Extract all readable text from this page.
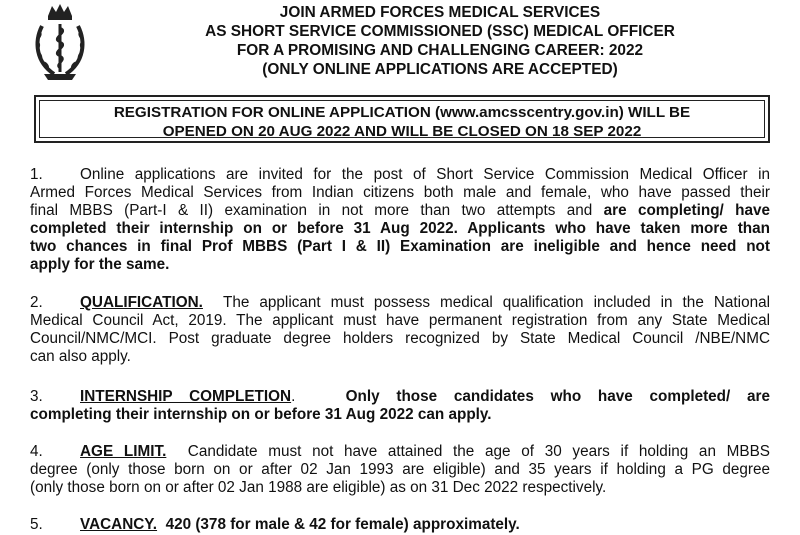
JOIN ARMED FORCES MEDICAL SERVICES
AS SHORT SERVICE COMMISSIONED (SSC) MEDICAL OFFICER
FOR A PROMISING AND CHALLENGING CAREER: 2022
(ONLY ONLINE APPLICATIONS ARE ACCEPTED)
REGISTRATION FOR ONLINE APPLICATION (www.amcsscentry.gov.in) WILL BE
OPENED ON 20 AUG 2022 AND WILL BE CLOSED ON 18 SEP 2022
1. Online applications are invited for the post of Short Service Commission Medical Officer in
Armed Forces Medical Services from Indian citizens both male and female, who have passed their
final MBBS (Part-I & II) examination in not more than two attempts and are completing/ have
completed their internship on or before 31 Aug 2022. Applicants who have taken more than
two chances in final Prof MBBS (Part I & II) Examination are ineligible and hence need not
apply for the same.
2. QUALIFICATION. The applicant must possess medical qualification included in the National
Medical Council Act, 2019. The applicant must have permanent registration from any State Medical
Council/NMC/MCI. Post graduate degree holders recognized by State Medical Council /NBE/NMC
can also apply.
3. INTERNSHIP COMPLETION.   Only those candidates who have completed/ are
completing their internship on or before 31 Aug 2022 can apply.
4. AGE LIMIT. Candidate must not have attained the age of 30 years if holding an MBBS
degree (only those born on or after 02 Jan 1993 are eligible) and 35 years if holding a PG degree
(only those born on or after 02 Jan 1988 are eligible) as on 31 Dec 2022 respectively.
5. VACANCY. 420 (378 for male & 42 for female) approximately.
